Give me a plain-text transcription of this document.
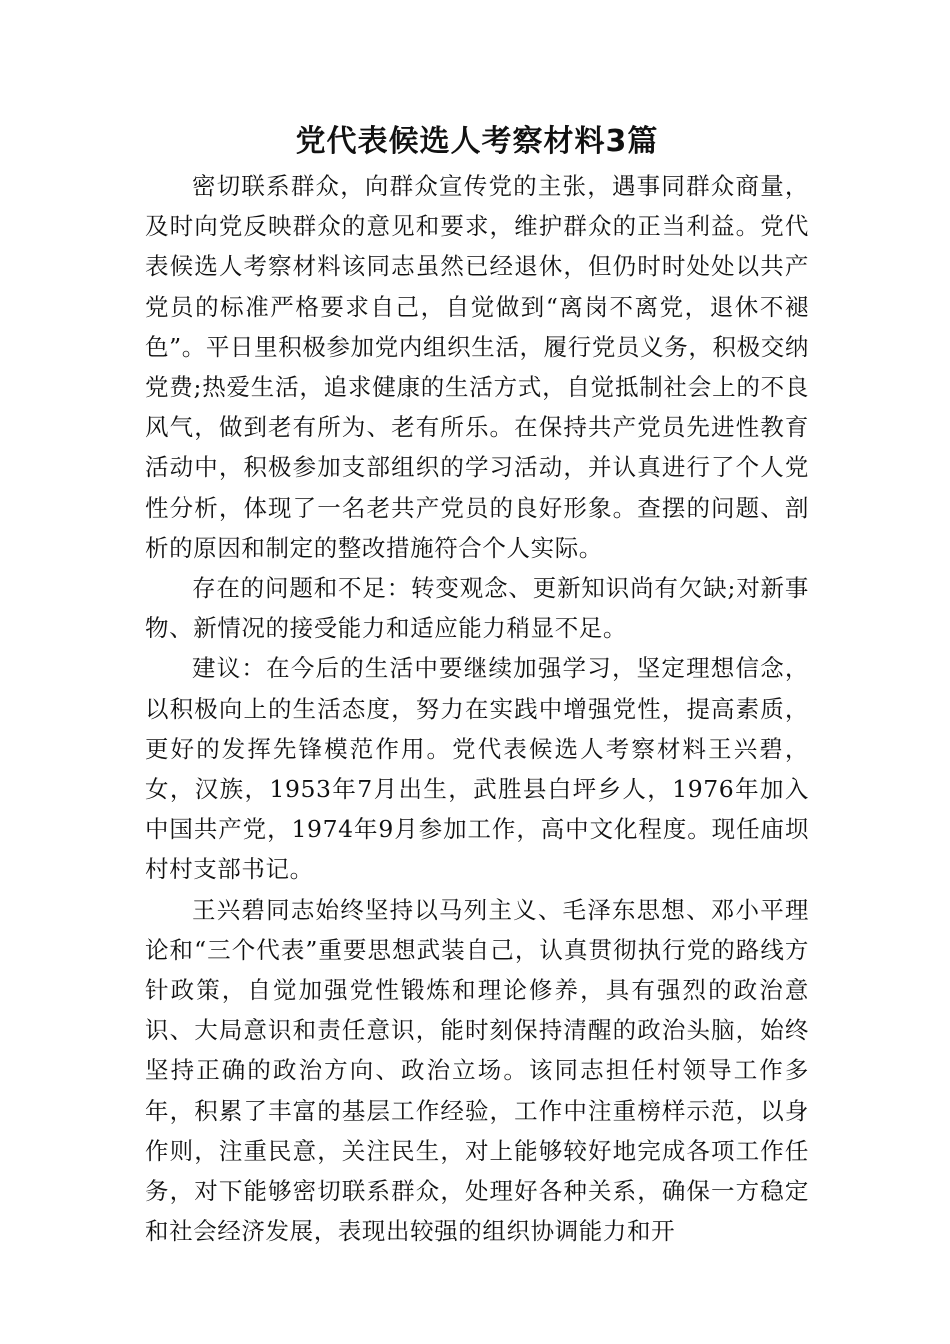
党代表候选人考察材料3篇

密切联系群众，向群众宣传党的主张，遇事同群众商量，及时向党反映群众的意见和要求，维护群众的正当利益。党代表候选人考察材料该同志虽然已经退休，但仍时时处处以共产党员的标准严格要求自己，自觉做到“离岗不离党，退休不褪色”。平日里积极参加党内组织生活，履行党员义务，积极交纳党费;热爱生活，追求健康的生活方式，自觉抵制社会上的不良风气，做到老有所为、老有所乐。在保持共产党员先进性教育活动中，积极参加支部组织的学习活动，并认真进行了个人党性分析，体现了一名老共产党员的良好形象。查摆的问题、剖析的原因和制定的整改措施符合个人实际。

存在的问题和不足：转变观念、更新知识尚有欠缺;对新事物、新情况的接受能力和适应能力稍显不足。

建议：在今后的生活中要继续加强学习，坚定理想信念，以积极向上的生活态度，努力在实践中增强党性，提高素质，更好的发挥先锋模范作用。党代表候选人考察材料王兴碧，女，汉族，1953年7月出生，武胜县白坪乡人，1976年加入中国共产党，1974年9月参加工作，高中文化程度。现任庙坝村村支部书记。

王兴碧同志始终坚持以马列主义、毛泽东思想、邓小平理论和“三个代表”重要思想武装自己，认真贯彻执行党的路线方针政策，自觉加强党性锻炼和理论修养，具有强烈的政治意识、大局意识和责任意识，能时刻保持清醒的政治头脑，始终坚持正确的政治方向、政治立场。该同志担任村领导工作多年，积累了丰富的基层工作经验，工作中注重榜样示范，以身作则，注重民意，关注民生，对上能够较好地完成各项工作任务，对下能够密切联系群众，处理好各种关系，确保一方稳定和社会经济发展，表现出较强的组织协调能力和开
